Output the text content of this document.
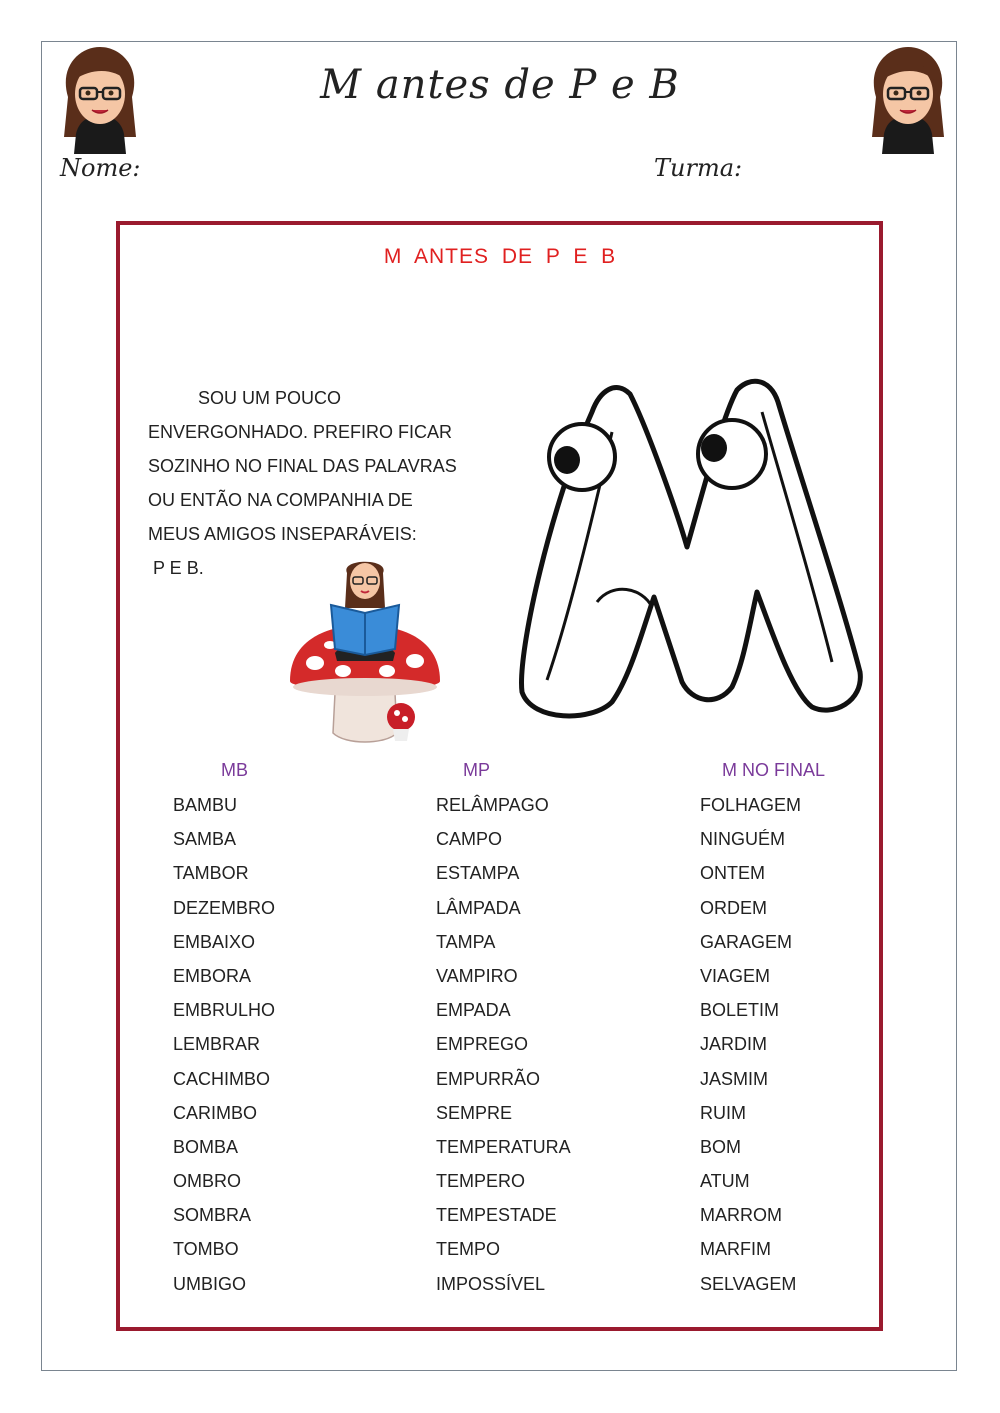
M antes de P e B
Nome:	Turma:
M ANTES DE P E B

SOU UM POUCO

ENVERGONHADO. PREFIRO FICAR

SOZINHO NO FINAL DAS PALAVRAS

OU ENTÃO NA COMPANHIA DE

MEUS AMIGOS INSEPARÁVEIS:

P E B.

MB
BAMBU
SAMBA
TAMBOR
DEZEMBRO
EMBAIXO
EMBORA
EMBRULHO
LEMBRAR
CACHIMBO
CARIMBO
BOMBA
OMBRO
SOMBRA
TOMBO
UMBIGO
MP
RELÂMPAGO
CAMPO
ESTAMPA
LÂMPADA
TAMPA
VAMPIRO
EMPADA
EMPREGO
EMPURRÃO
SEMPRE
TEMPERATURA
TEMPERO
TEMPESTADE
TEMPO
IMPOSSÍVEL
M NO FINAL
FOLHAGEM
NINGUÉM
ONTEM
ORDEM
GARAGEM
VIAGEM
BOLETIM
JARDIM
JASMIM
RUIM
BOM
ATUM
MARROM
MARFIM
SELVAGEM
